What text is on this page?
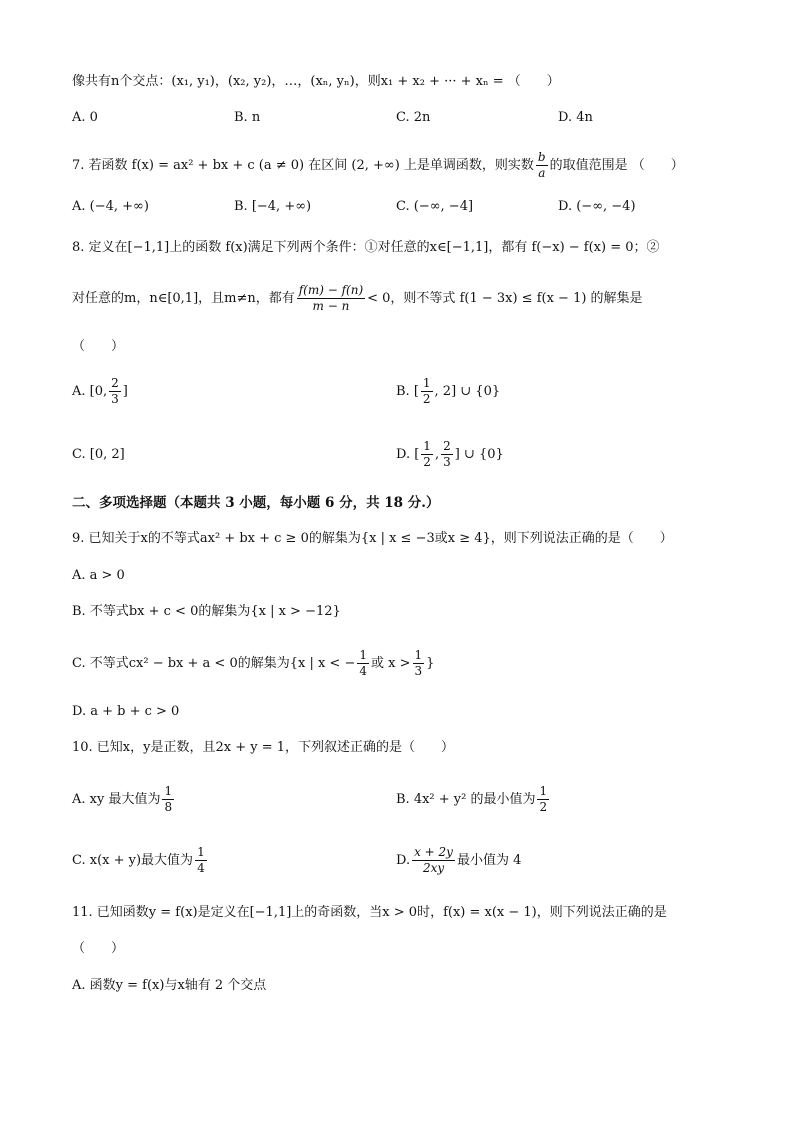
像共有n个交点：(x₁, y₁)，(x₂, y₂)，…，(xₙ, yₙ)，则x₁ + x₂ + ··· + xₙ = （　　）
A. 0	B. n	C. 2n	D. 4n
7. 若函数 f(x) = ax² + bx + c (a ≠ 0) 在区间 (2, +∞) 上是单调函数，则实数 $\frac{b}{a}$ 的取值范围是 （　　）
A. (−4, +∞)	B. [−4, +∞)	C. (−∞, −4]	D. (−∞, −4)
8. 定义在[−1,1]上的函数 f(x)满足下列两个条件：①对任意的x∈[−1,1]，都有 f(−x) − f(x) = 0；②
对任意的m，n∈[0,1]，且m≠n，都有 $\frac{f(m) - f(n)}{m - n} < 0$，则不等式 f(1 − 3x) ≤ f(x − 1) 的解集是
（　　）
A. [0, $\frac{2}{3}$ ]	B. [ $\frac{1}{2}$ , 2] ∪ {0}
C. [0, 2]	D. [ $\frac{1}{2}$ , $\frac{2}{3}$ ] ∪ {0}
二、多项选择题（本题共 3 小题，每小题 6 分，共 18 分.）
9. 已知关于x的不等式ax² + bx + c ≥ 0的解集为{x | x ≤ −3或x ≥ 4}，则下列说法正确的是（　　）
A. a > 0
B. 不等式bx + c < 0的解集为{x | x > −12}
C. 不等式cx² − bx + a < 0的解集为{x | x < − $\frac{1}{4}$ 或 $x > \frac{1}{3}$ }
D. a + b + c > 0
10. 已知x，y是正数，且2x + y = 1，下列叙述正确的是（　　）
A. xy 最大值为 $\frac{1}{8}$	B. 4x² + y² 的最小值为 $\frac{1}{2}$
C. x(x + y)最大值为 $\frac{1}{4}$	D. $\frac{x + 2y}{2xy}$ 最小值为 4
11. 已知函数y = f(x)是定义在[−1,1]上的奇函数，当x > 0时，f(x) = x(x − 1)，则下列说法正确的是
（　　）
A. 函数y = f(x)与x轴有 2 个交点
